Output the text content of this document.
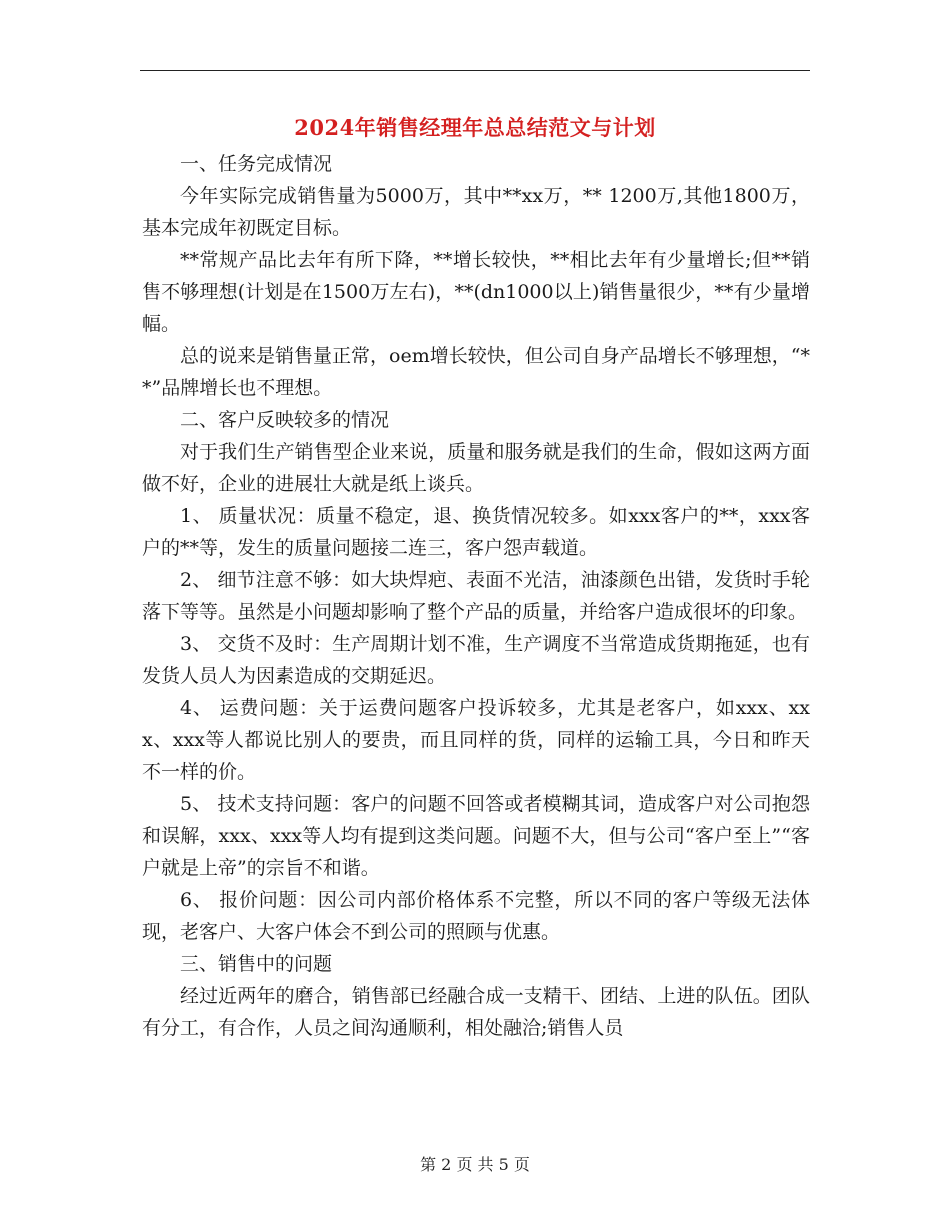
2024年销售经理年总总结范文与计划

一、任务完成情况

今年实际完成销售量为5000万，其中**xx万，** 1200万,其他1800万，基本完成年初既定目标。

**常规产品比去年有所下降，**增长较快，**相比去年有少量增长;但**销售不够理想(计划是在1500万左右)，**(dn1000以上)销售量很少，**有少量增幅。

总的说来是销售量正常，oem增长较快，但公司自身产品增长不够理想，“**”品牌增长也不理想。

二、客户反映较多的情况

对于我们生产销售型企业来说，质量和服务就是我们的生命，假如这两方面做不好，企业的进展壮大就是纸上谈兵。

1、 质量状况：质量不稳定，退、换货情况较多。如xxx客户的**，xxx客户的**等，发生的质量问题接二连三，客户怨声载道。

2、 细节注意不够：如大块焊疤、表面不光洁，油漆颜色出错，发货时手轮落下等等。虽然是小问题却影响了整个产品的质量，并给客户造成很坏的印象。

3、 交货不及时：生产周期计划不准，生产调度不当常造成货期拖延，也有发货人员人为因素造成的交期延迟。

4、 运费问题：关于运费问题客户投诉较多，尤其是老客户，如xxx、xxx、xxx等人都说比别人的要贵，而且同样的货，同样的运输工具，今日和昨天不一样的价。

5、 技术支持问题：客户的问题不回答或者模糊其词，造成客户对公司抱怨和误解，xxx、xxx等人均有提到这类问题。问题不大，但与公司“客户至上”“客户就是上帝”的宗旨不和谐。

6、 报价问题：因公司内部价格体系不完整，所以不同的客户等级无法体现，老客户、大客户体会不到公司的照顾与优惠。

三、销售中的问题

经过近两年的磨合，销售部已经融合成一支精干、团结、上进的队伍。团队有分工，有合作，人员之间沟通顺利，相处融洽;销售人员

第 2 页 共 5 页
